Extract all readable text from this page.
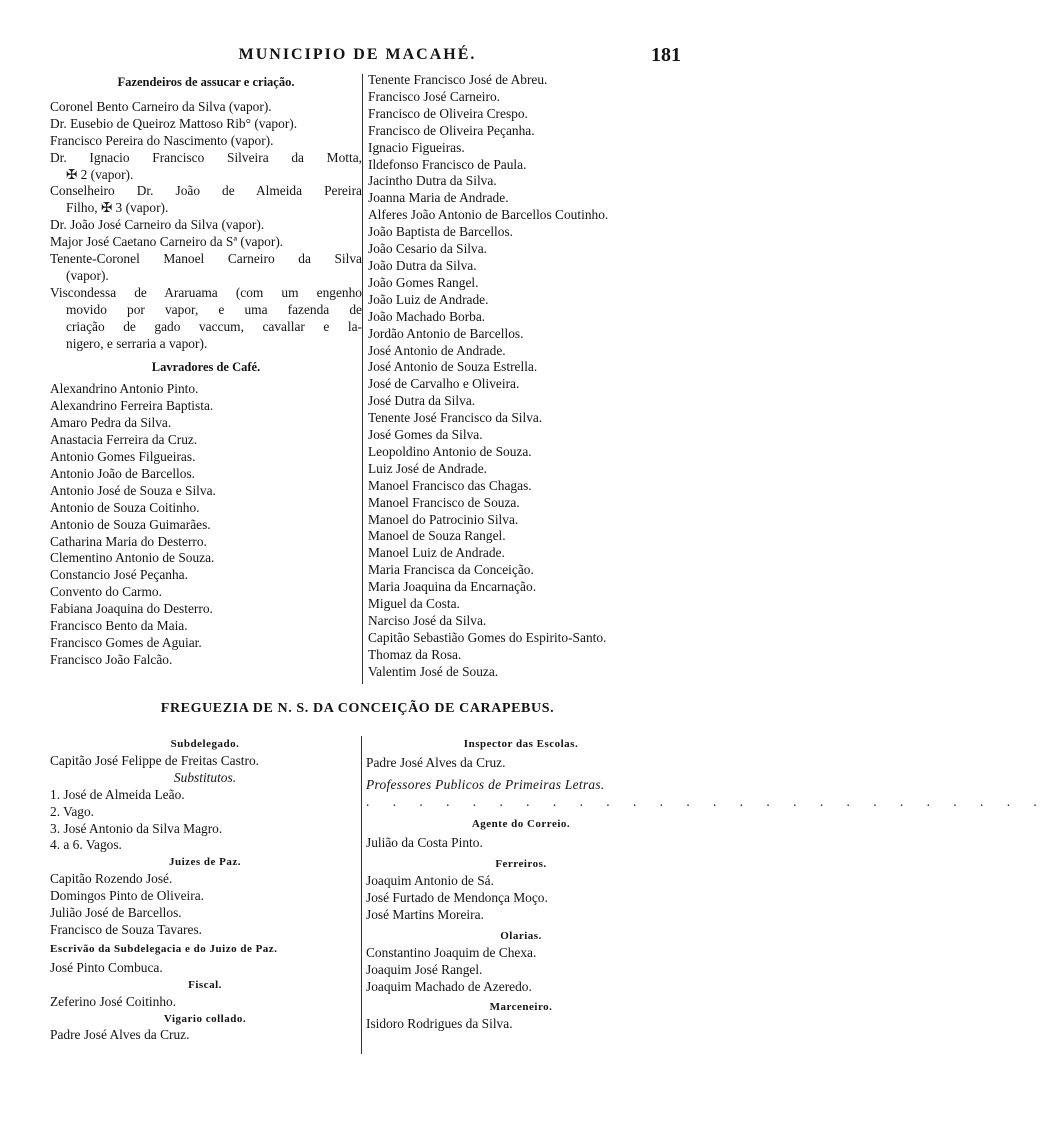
MUNICIPIO DE MACAHÉ.	181
Fazendeiros de assucar e criação.
Coronel Bento Carneiro da Silva (vapor).
Dr. Eusebio de Queiroz Mattoso Rib° (vapor).
Francisco Pereira do Nascimento (vapor).
Dr. Ignacio Francisco Silveira da Motta,
✠ 2 (vapor).
Conselheiro Dr. João de Almeida Pereira
Filho, ✠ 3 (vapor).
Dr. João José Carneiro da Silva (vapor).
Major José Caetano Carneiro da Sª (vapor).
Tenente-Coronel Manoel Carneiro da Silva
(vapor).
Viscondessa de Araruama (com um engenho
movido por vapor, e uma fazenda de
criação de gado vaccum, cavallar e la-
nigero, e serraria a vapor).
Lavradores de Café.
Alexandrino Antonio Pinto.
Alexandrino Ferreira Baptista.
Amaro Pedra da Silva.
Anastacia Ferreira da Cruz.
Antonio Gomes Filgueiras.
Antonio João de Barcellos.
Antonio José de Souza e Silva.
Antonio de Souza Coitinho.
Antonio de Souza Guimarães.
Catharina Maria do Desterro.
Clementino Antonio de Souza.
Constancio José Peçanha.
Convento do Carmo.
Fabiana Joaquina do Desterro.
Francisco Bento da Maia.
Francisco Gomes de Aguiar.
Francisco João Falcão.
Tenente Francisco José de Abreu.
Francisco José Carneiro.
Francisco de Oliveira Crespo.
Francisco de Oliveira Peçanha.
Ignacio Figueiras.
Ildefonso Francisco de Paula.
Jacintho Dutra da Silva.
Joanna Maria de Andrade.
Alferes João Antonio de Barcellos Coutinho.
João Baptista de Barcellos.
João Cesario da Silva.
João Dutra da Silva.
João Gomes Rangel.
João Luiz de Andrade.
João Machado Borba.
Jordão Antonio de Barcellos.
José Antonio de Andrade.
José Antonio de Souza Estrella.
José de Carvalho e Oliveira.
José Dutra da Silva.
Tenente José Francisco da Silva.
José Gomes da Silva.
Leopoldino Antonio de Souza.
Luiz José de Andrade.
Manoel Francisco das Chagas.
Manoel Francisco de Souza.
Manoel do Patrocinio Silva.
Manoel de Souza Rangel.
Manoel Luiz de Andrade.
Maria Francisca da Conceição.
Maria Joaquina da Encarnação.
Miguel da Costa.
Narciso José da Silva.
Capitão Sebastião Gomes do Espirito-Santo.
Thomaz da Rosa.
Valentim José de Souza.
FREGUEZIA DE N. S. DA CONCEIÇÃO DE CARAPEBUS.
Subdelegado.
Capitão José Felippe de Freitas Castro.
Substitutos.
1. José de Almeida Leão.
2. Vago.
3. José Antonio da Silva Magro.
4. a 6. Vagos.
Juizes de Paz.
Capitão Rozendo José.
Domingos Pinto de Oliveira.
Julião José de Barcellos.
Francisco de Souza Tavares.
Escrivão da Subdelegacia e do Juizo de Paz.
José Pinto Combuca.
Fiscal.
Zeferino José Coitinho.
Vigario collado.
Padre José Alves da Cruz.
Inspector das Escolas.
Padre José Alves da Cruz.
Professores Publicos de Primeiras Letras.
. . . . . . . . . . . . . . . . . . . . . . . . . .
Agente do Correio.
Julião da Costa Pinto.
Ferreiros.
Joaquim Antonio de Sá.
José Furtado de Mendonça Moço.
José Martins Moreira.
Olarias.
Constantino Joaquim de Chexa.
Joaquim José Rangel.
Joaquim Machado de Azeredo.
Marceneiro.
Isidoro Rodrigues da Silva.
